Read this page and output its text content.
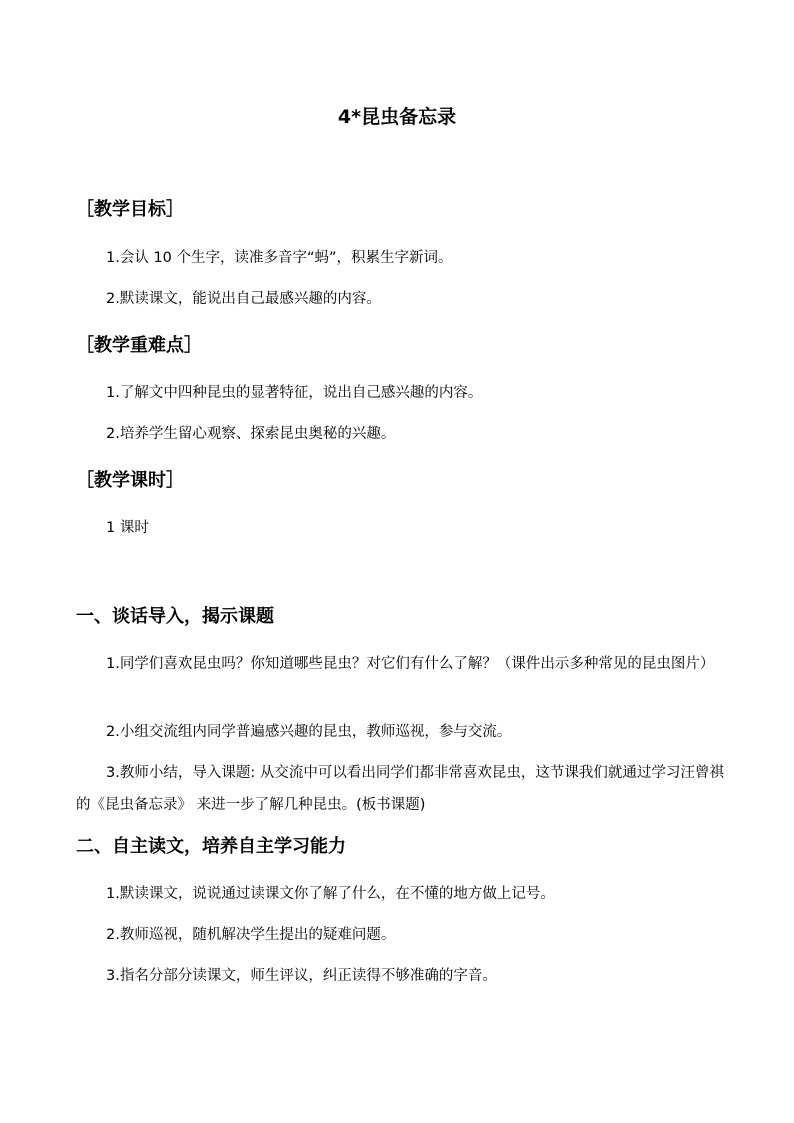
4*昆虫备忘录
［教学目标］

1.会认 10 个生字，读准多音字“蚂”，积累生字新词。

2.默读课文，能说出自己最感兴趣的内容。

［教学重难点］

1.了解文中四种昆虫的显著特征，说出自己感兴趣的内容。

2.培养学生留心观察、探索昆虫奥秘的兴趣。

［教学课时］

1 课时

一、谈话导入，揭示课题

1.同学们喜欢昆虫吗？你知道哪些昆虫？对它们有什么了解？（课件出示多种常见的昆虫图片）

2.小组交流组内同学普遍感兴趣的昆虫，教师巡视，参与交流。

3.教师小结，导入课题: 从交流中可以看出同学们都非常喜欢昆虫，这节课我们就通过学习汪曾祺的《昆虫备忘录》 来进一步了解几种昆虫。(板书课题)

二、自主读文，培养自主学习能力

1.默读课文，说说通过读课文你了解了什么，在不懂的地方做上记号。

2.教师巡视，随机解决学生提出的疑难问题。

3.指名分部分读课文，师生评议，纠正读得不够准确的字音。
